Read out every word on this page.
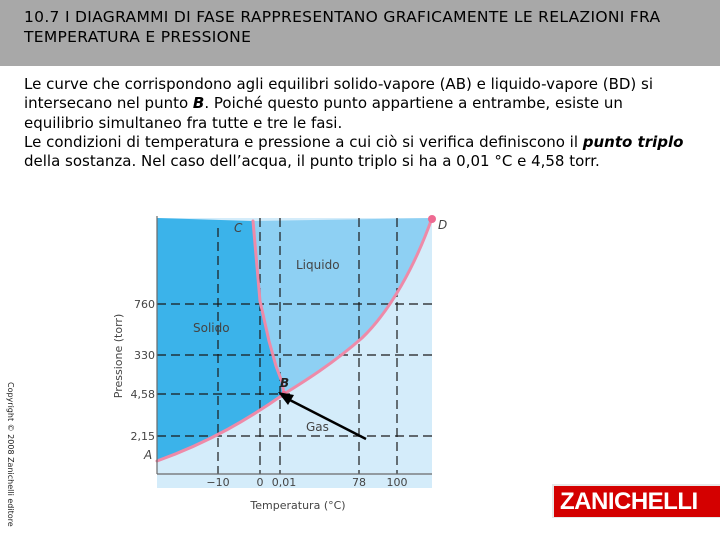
10.7 I DIAGRAMMI DI FASE RAPPRESENTANO GRAFICAMENTE LE RELAZIONI FRA TEMPERATURA E PRESSIONE

Le curve che corrispondono agli equilibri solido-vapore (AB) e liquido-vapore (BD) si intersecano nel punto B. Poiché questo punto appartiene a entrambe, esiste un equilibrio simultaneo fra tutte e tre le fasi.

Le condizioni di temperatura e pressione a cui ciò si verifica definiscono il punto triplo della sostanza. Nel caso dell’acqua, il punto triplo si ha a 0,01 °C e 4,58 torr.

Copyright © 2008 Zanichelli editore
Solido
Liquido
Gas
C	D
B
A
760
330
4,58
2,15
−10 0 0,01	78 100
Temperatura (°C)
Pressione (torr)
ZANICHELLI
